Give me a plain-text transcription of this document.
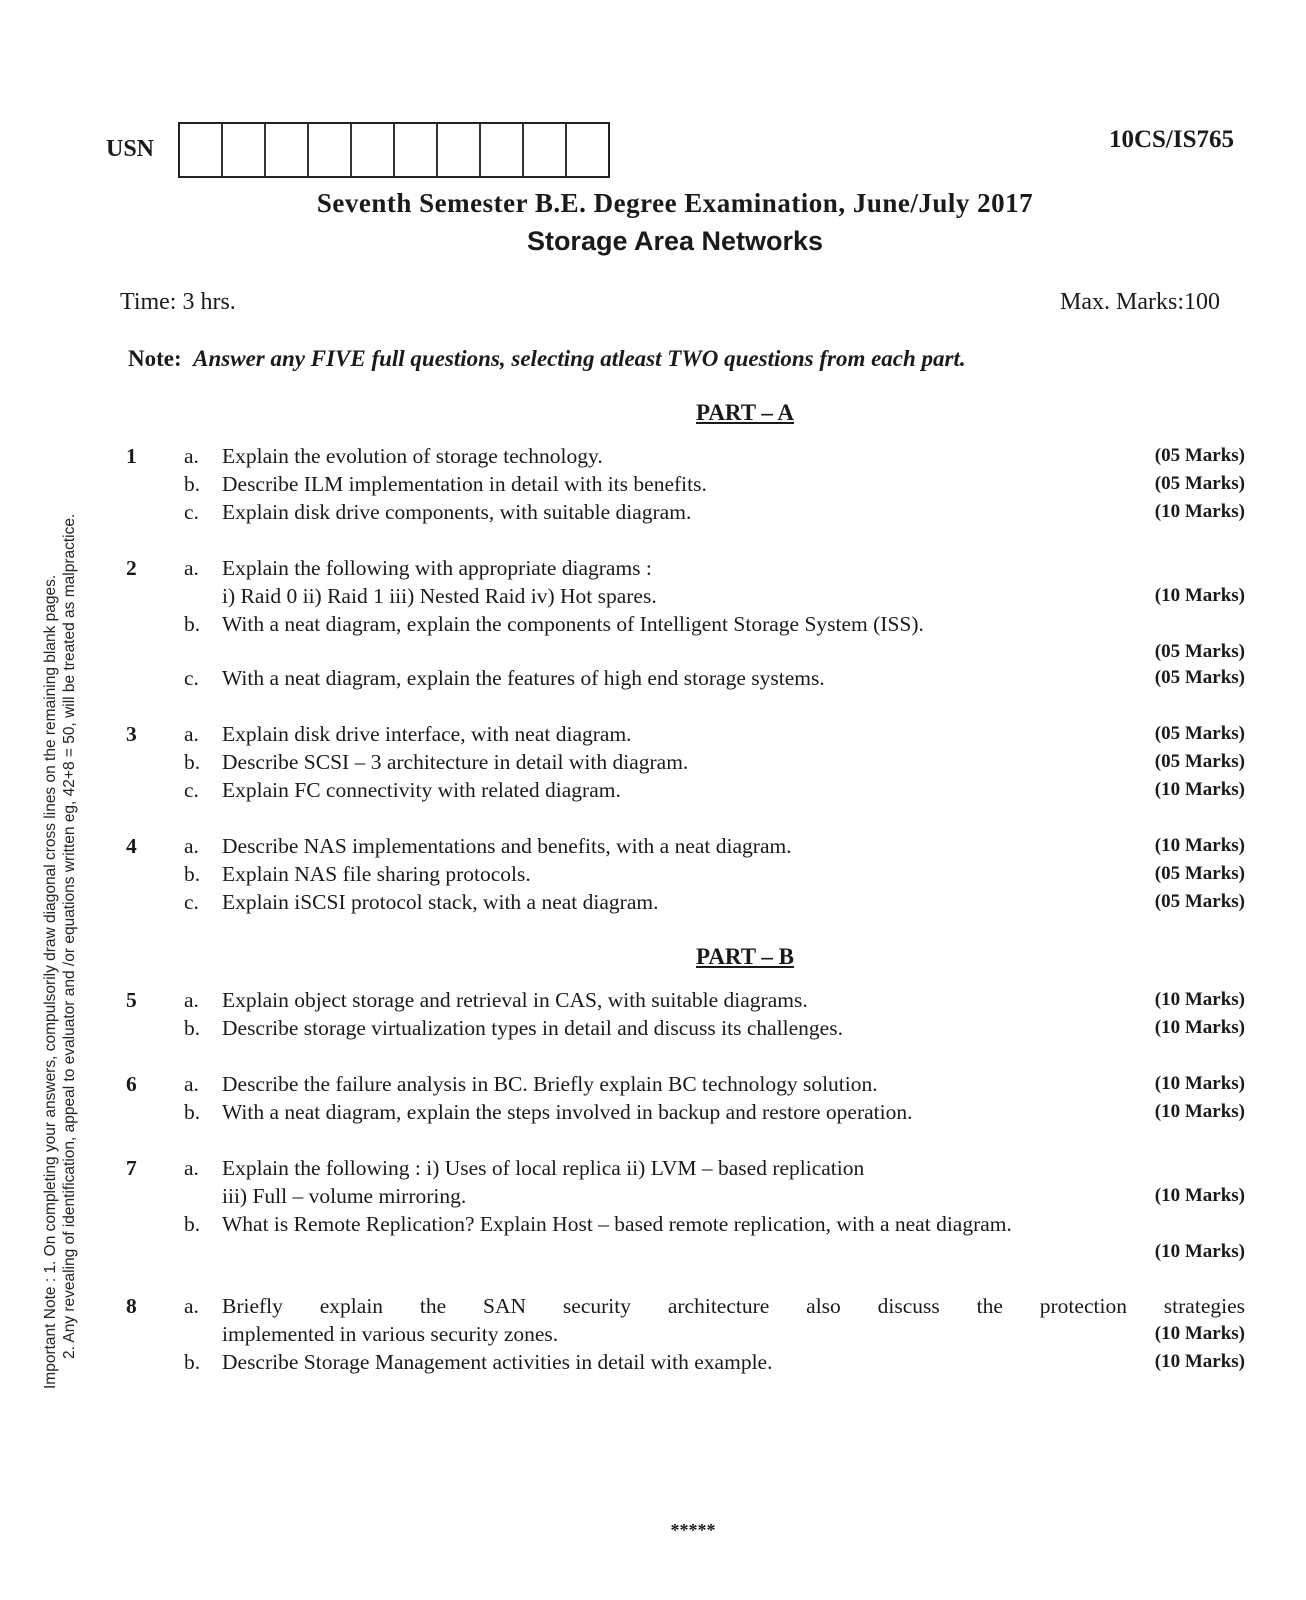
USN	10CS/IS765
Seventh Semester B.E. Degree Examination, June/July 2017
Storage Area Networks
Time: 3 hrs.	Max. Marks:100
Note: Answer any FIVE full questions, selecting atleast TWO questions from each part.
Important Note : 1. On completing your answers, compulsorily draw diagonal cross lines on the remaining blank pages. 2. Any revealing of identification, appeal to evaluator and /or equations written eg, 42+8 = 50, will be treated as malpractice.
PART – A
1 a. Explain the evolution of storage technology.	(05 Marks)
b. Describe ILM implementation in detail with its benefits.	(05 Marks)
c. Explain disk drive components, with suitable diagram.	(10 Marks)
2 a. Explain the following with appropriate diagrams :
i) Raid 0 ii) Raid 1 iii) Nested Raid iv) Hot spares.	(10 Marks)
b. With a neat diagram, explain the components of Intelligent Storage System (ISS).
(05 Marks)
c. With a neat diagram, explain the features of high end storage systems.	(05 Marks)
3 a. Explain disk drive interface, with neat diagram.	(05 Marks)
b. Describe SCSI – 3 architecture in detail with diagram.	(05 Marks)
c. Explain FC connectivity with related diagram.	(10 Marks)
4 a. Describe NAS implementations and benefits, with a neat diagram.	(10 Marks)
b. Explain NAS file sharing protocols.	(05 Marks)
c. Explain iSCSI protocol stack, with a neat diagram.	(05 Marks)
PART – B
5 a. Explain object storage and retrieval in CAS, with suitable diagrams.	(10 Marks)
b. Describe storage virtualization types in detail and discuss its challenges.	(10 Marks)
6 a. Describe the failure analysis in BC. Briefly explain BC technology solution.	(10 Marks)
b. With a neat diagram, explain the steps involved in backup and restore operation.	(10 Marks)
7 a. Explain the following : i) Uses of local replica ii) LVM – based replication
iii) Full – volume mirroring.	(10 Marks)
b. What is Remote Replication? Explain Host – based remote replication, with a neat diagram.
(10 Marks)
8 a. Briefly explain the SAN security architecture also discuss the protection strategies
implemented in various security zones.	(10 Marks)
b. Describe Storage Management activities in detail with example.	(10 Marks)
*****
